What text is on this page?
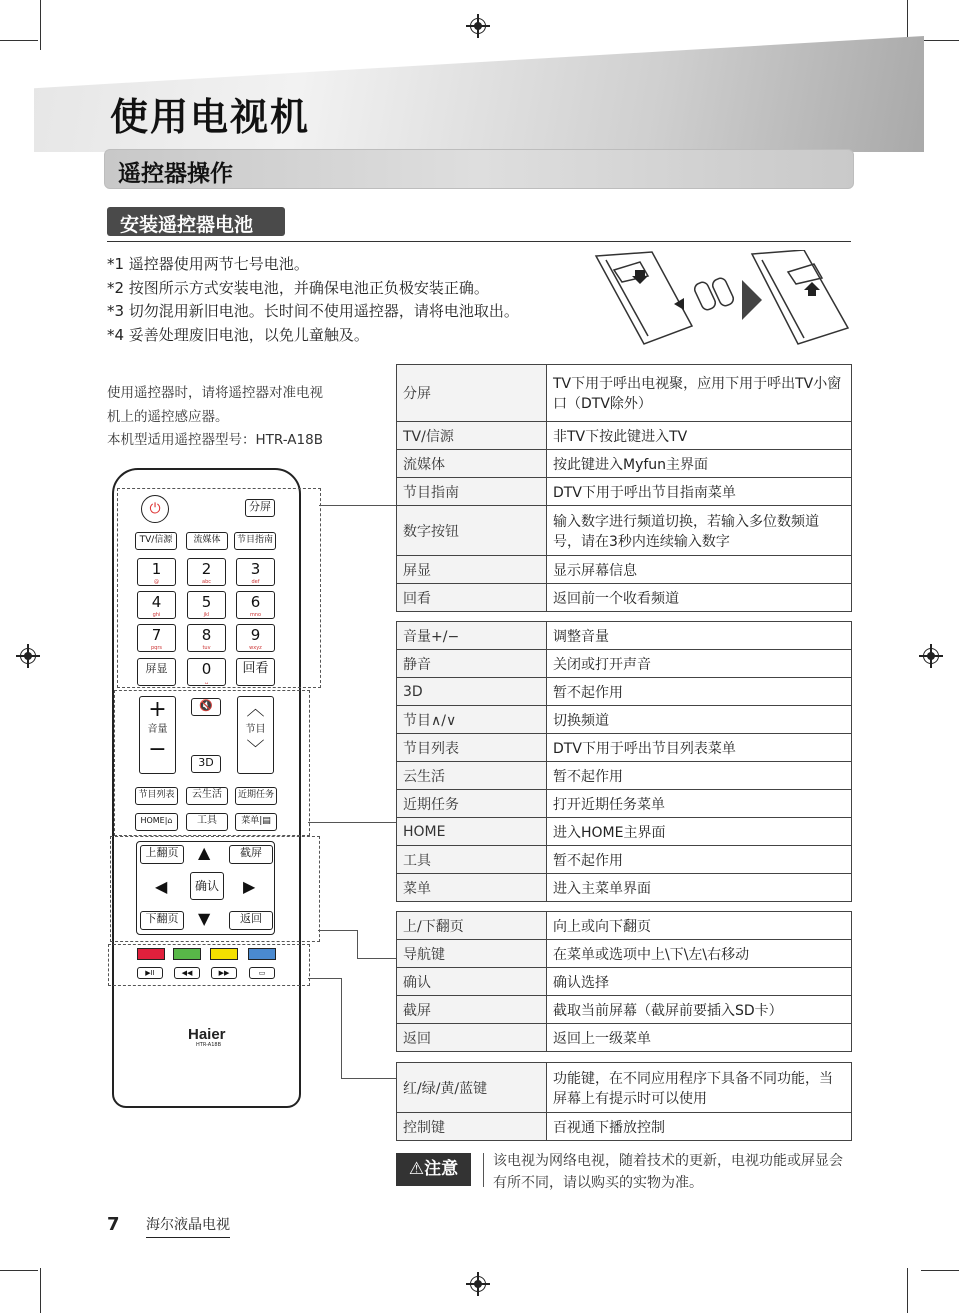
使用电视机
遥控器操作
安装遥控器电池
*1 遥控器使用两节七号电池。
*2 按图所示方式安装电池，并确保电池正负极安装正确。
*3 切勿混用新旧电池。长时间不使用遥控器，请将电池取出。
*4 妥善处理废旧电池，以免儿童触及。
使用遥控器时，请将遥控器对准电视
机上的遥控感应器。
本机型适用遥控器型号：HTR-A18B
分屏	TV下用于呼出电视聚，应用下用于呼出TV小窗口（DTV除外）
TV/信源	非TV下按此键进入TV
流媒体	按此键进入Myfun主界面
节目指南	DTV下用于呼出节目指南菜单
数字按钮	输入数字进行频道切换，若输入多位数频道号，请在3秒内连续输入数字
屏显	显示屏幕信息
回看	返回前一个收看频道
音量+/−	调整音量
静音	关闭或打开声音
3D	暂不起作用
节目∧/∨	切换频道
节目列表	DTV下用于呼出节目列表菜单
云生活	暂不起作用
近期任务	打开近期任务菜单
HOME	进入HOME主界面
工具	暂不起作用
菜单	进入主菜单界面
上/下翻页	向上或向下翻页
导航键	在菜单或选项中上\下\左\右移动
确认	确认选择
截屏	截取当前屏幕（截屏前要插入SD卡）
返回	返回上一级菜单
红/绿/黄/蓝键	功能键，在不同应用程序下具备不同功能，当屏幕上有提示时可以使用
控制键	百视通下播放控制
⏻	分屏
TV/信源	流媒体	节目指南
1
@
2
abc
3
def
4
ghi
5
jkl
6
mno
7
pqrs
8
tuv
9
wxyz
屏显	0
␣
回看
+
音量
−
🔇
3D
︿
节目
﹀
节目列表	云生活	近期任务
HOME|⌂	工具	菜单|▤
上翻页	▲	截屏
◀	确认	▶
下翻页	▼	返回
▶II	◀◀	▶▶	▭
Haier
HTR-A18B
⚠注意	该电视为网络电视，随着技术的更新，电视功能或屏显会有所不同，请以购买的实物为准。
7 海尔液晶电视
